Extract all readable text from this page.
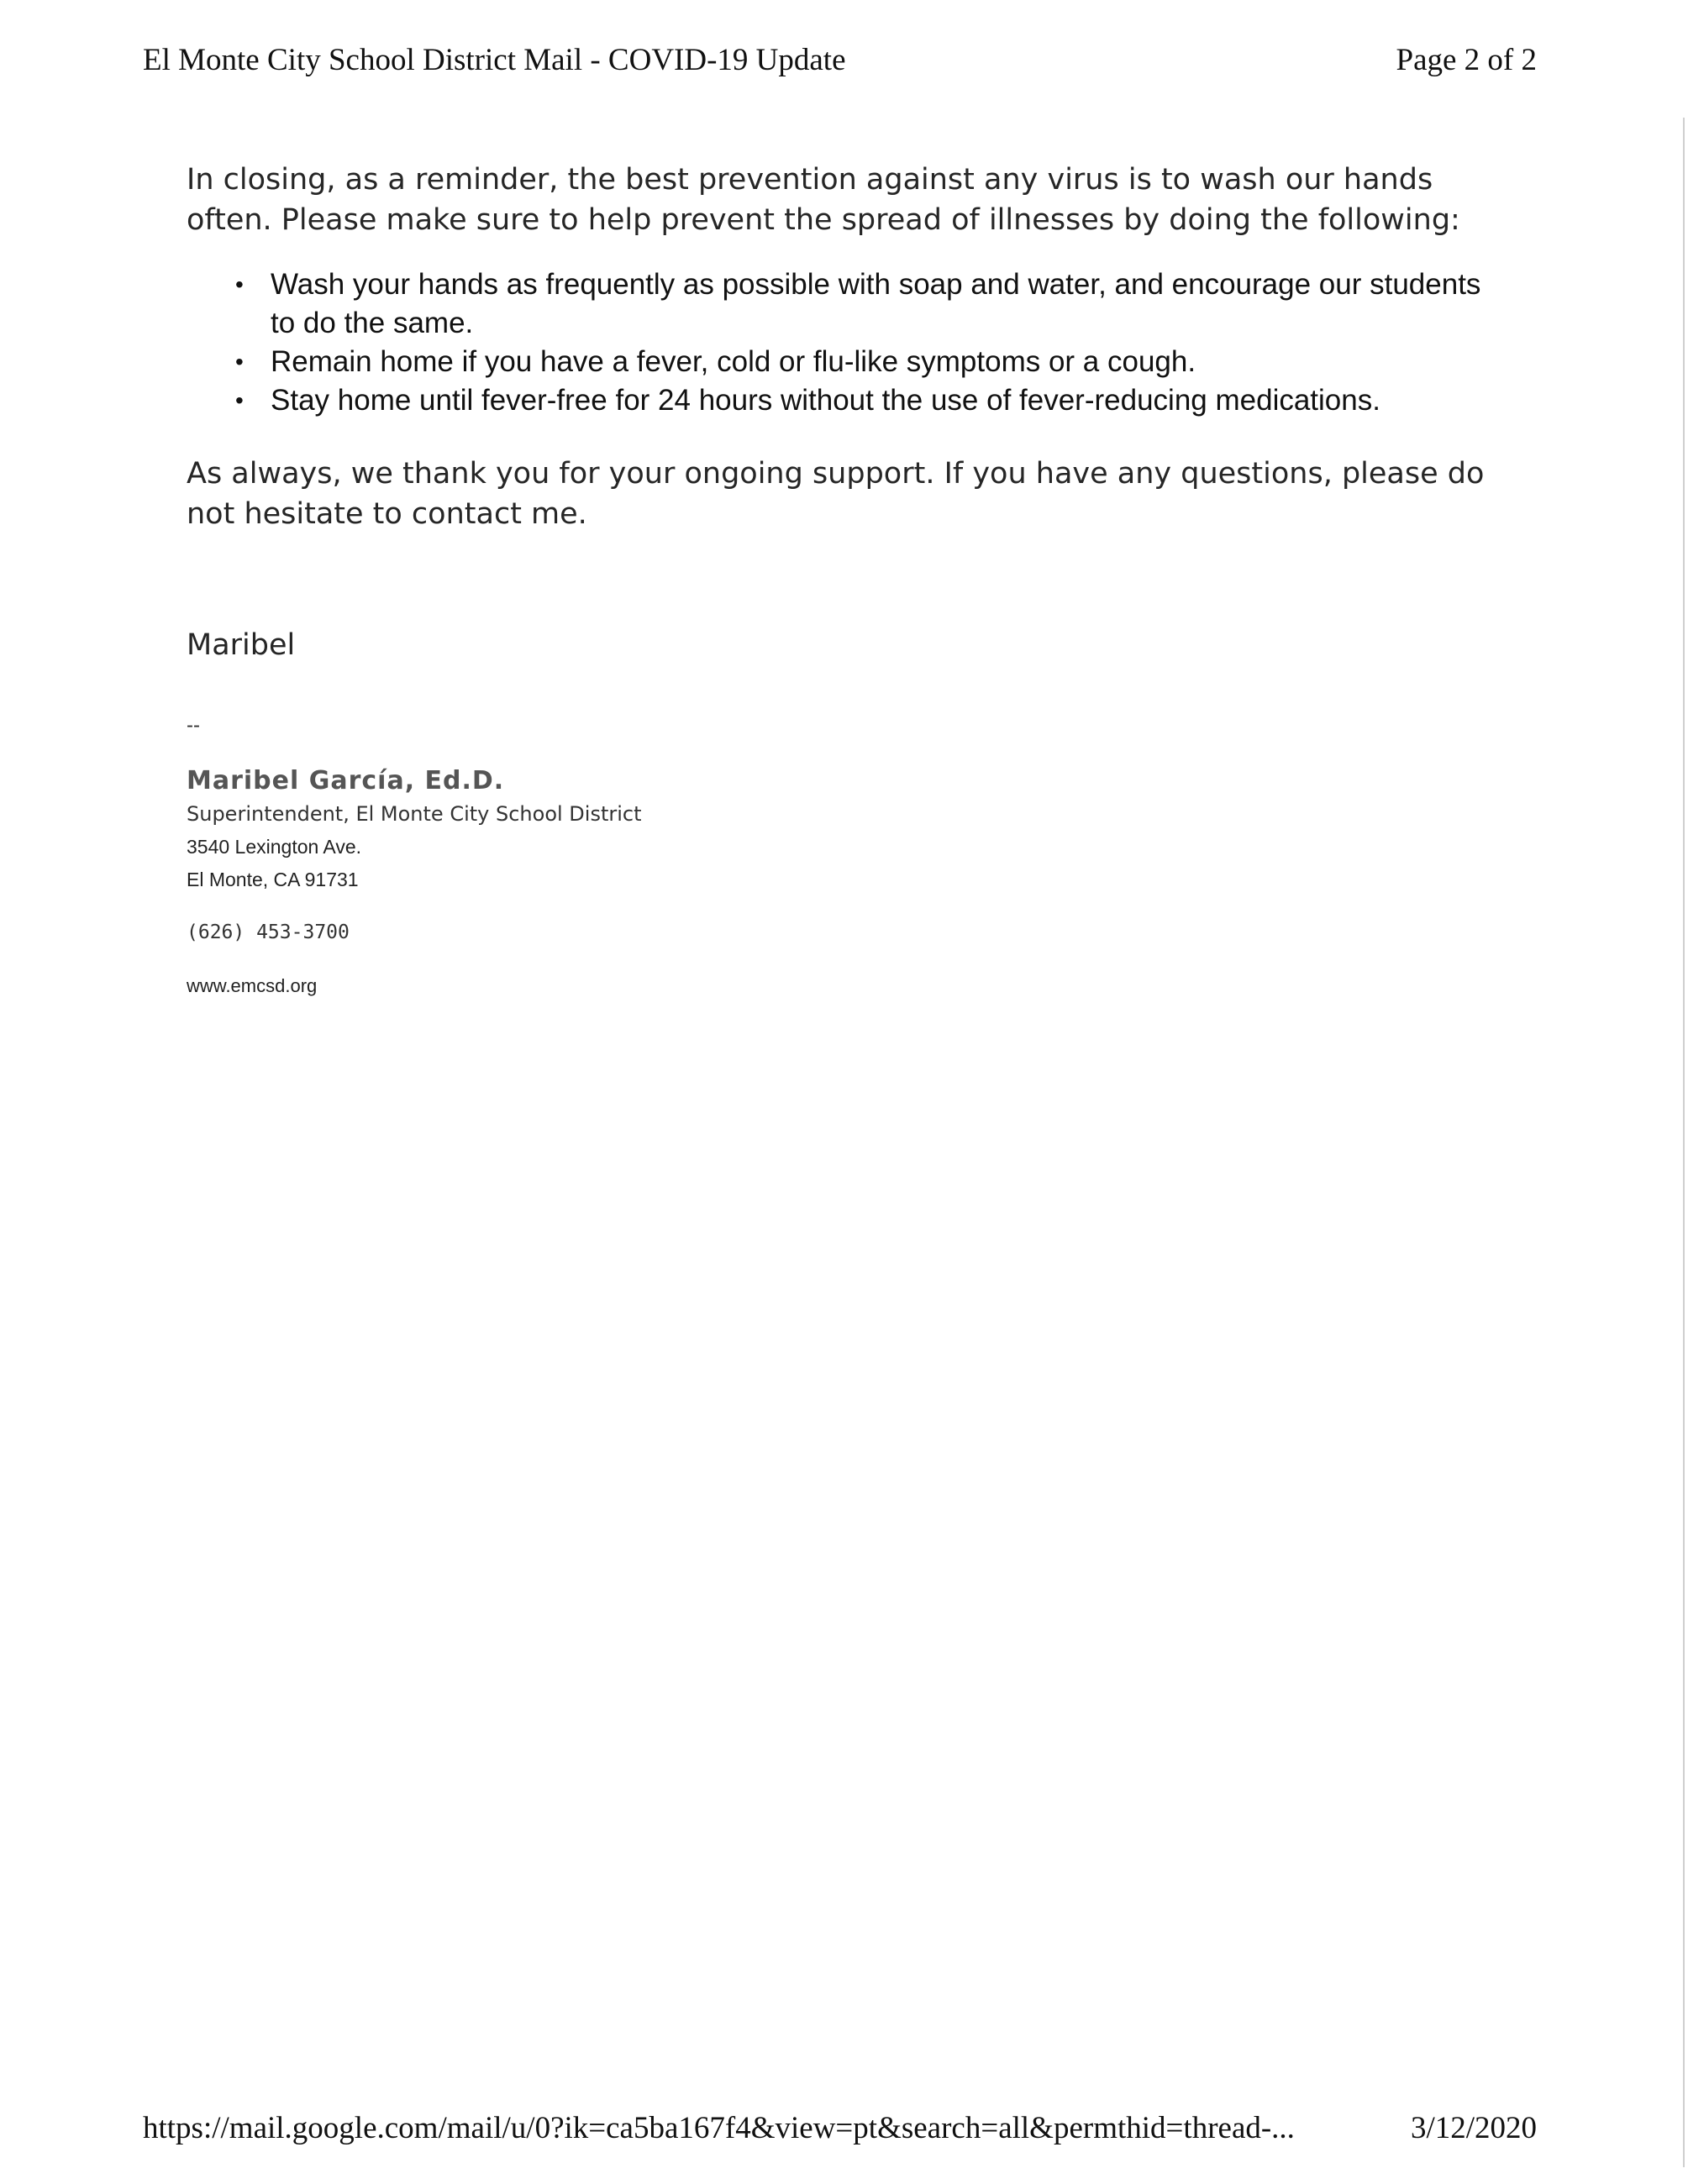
El Monte City School District Mail - COVID-19 Update	Page 2 of 2

In closing, as a reminder, the best prevention against any virus is to wash our hands often. Please make sure to help prevent the spread of illnesses by doing the following:

• Wash your hands as frequently as possible with soap and water, and encourage our students to do the same.
• Remain home if you have a fever, cold or flu-like symptoms or a cough.
• Stay home until fever-free for 24 hours without the use of fever-reducing medications.

As always, we thank you for your ongoing support. If you have any questions, please do not hesitate to contact me.

Maribel

--
Maribel García, Ed.D.
Superintendent, El Monte City School District
3540 Lexington Ave.
El Monte, CA 91731
(626) 453-3700
www.emcsd.org
https://mail.google.com/mail/u/0?ik=ca5ba167f4&view=pt&search=all&permthid=thread-...	3/12/2020
